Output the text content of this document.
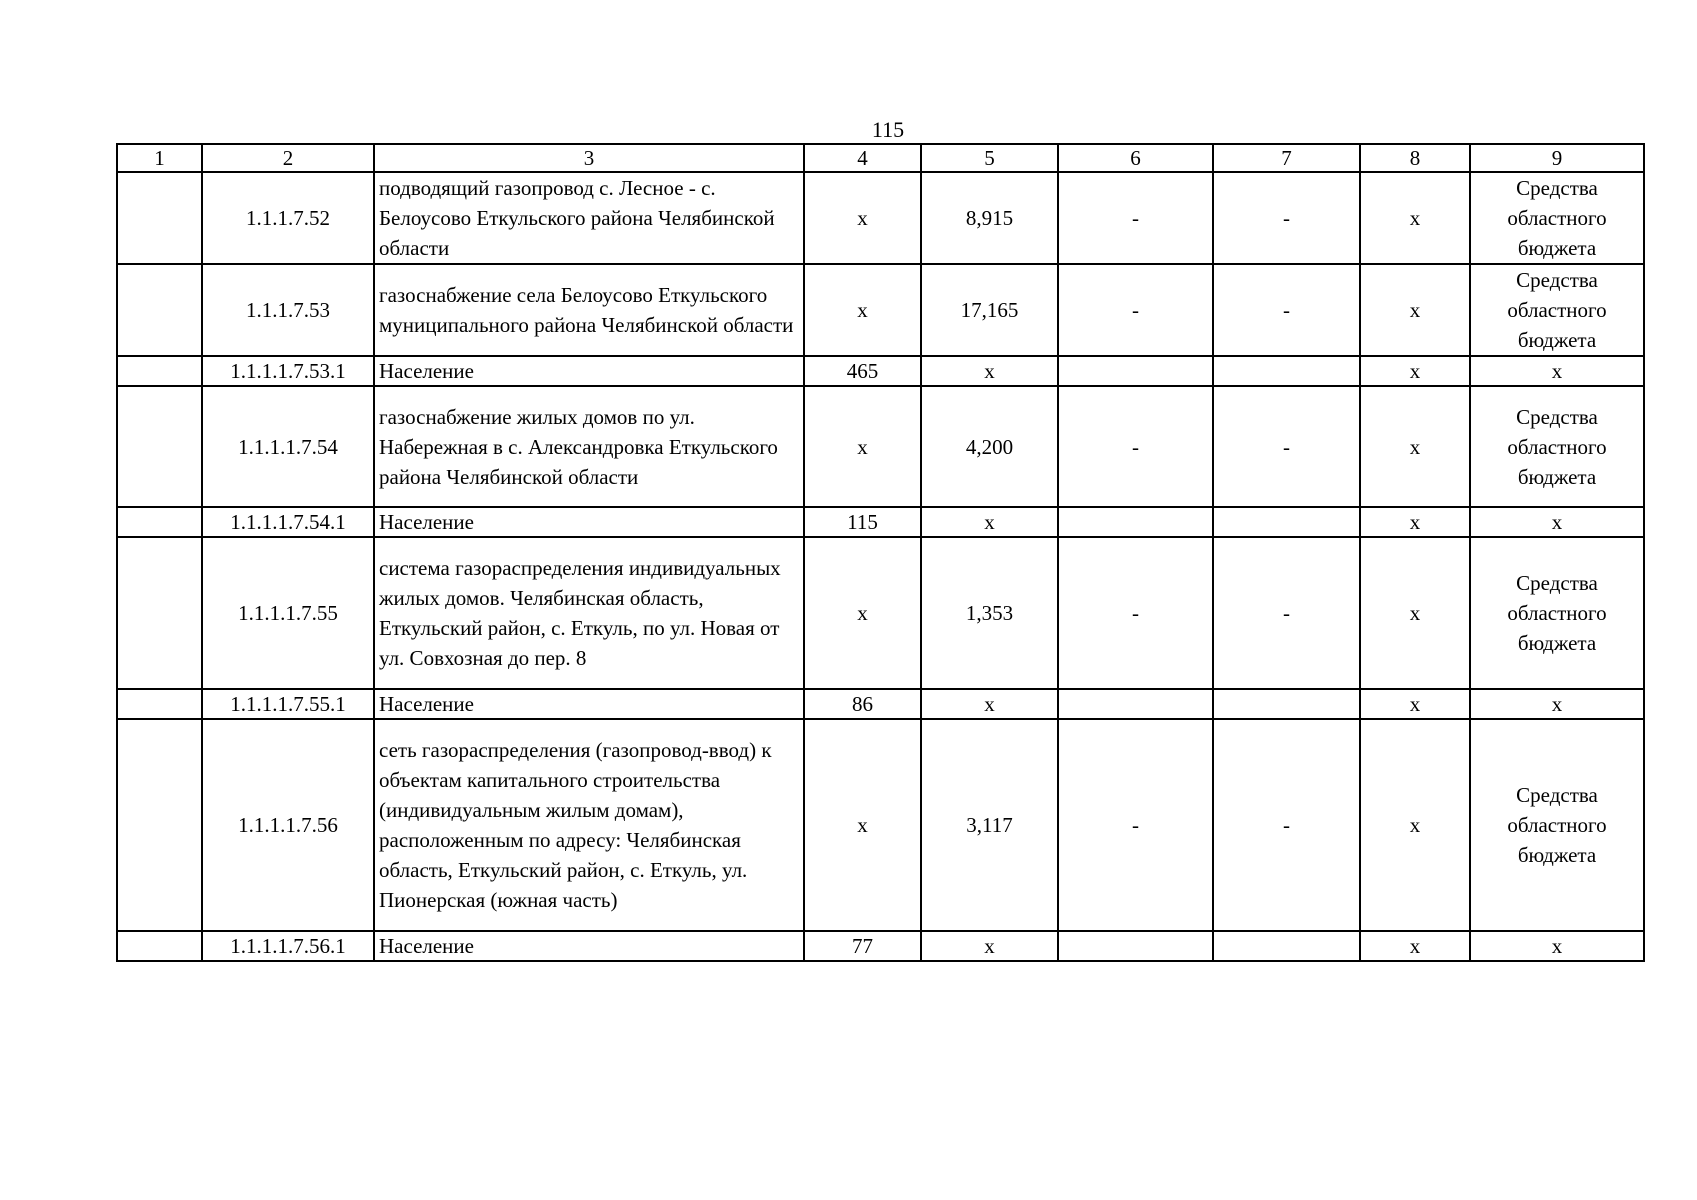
115
1	2	3	4	5	6	7	8	9
	1.1.1.7.52	подводящий газопровод с. Лесное - с. Белоусово Еткульского района Челябинской области	x	8,915	-	-	x	Средства областного бюджета
	1.1.1.7.53	газоснабжение села Белоусово Еткульского муниципального района Челябинской области	x	17,165	-	-	x	Средства областного бюджета
	1.1.1.1.7.53.1	Население	465	x			x	x
	1.1.1.1.7.54	газоснабжение жилых домов по ул. Набережная в с. Александровка Еткульского района Челябинской области	x	4,200	-	-	x	Средства областного бюджета
	1.1.1.1.7.54.1	Население	115	x			x	x
	1.1.1.1.7.55	система газораспределения индивидуальных жилых домов. Челябинская область, Еткульский район, с. Еткуль, по ул. Новая от ул. Совхозная до пер. 8	x	1,353	-	-	x	Средства областного бюджета
	1.1.1.1.7.55.1	Население	86	x			x	x
	1.1.1.1.7.56	сеть газораспределения (газопровод-ввод) к объектам капитального строительства (индивидуальным жилым домам), расположенным по адресу: Челябинская область, Еткульский район, с. Еткуль, ул. Пионерская (южная часть)	x	3,117	-	-	x	Средства областного бюджета
	1.1.1.1.7.56.1	Население	77	x			x	x
